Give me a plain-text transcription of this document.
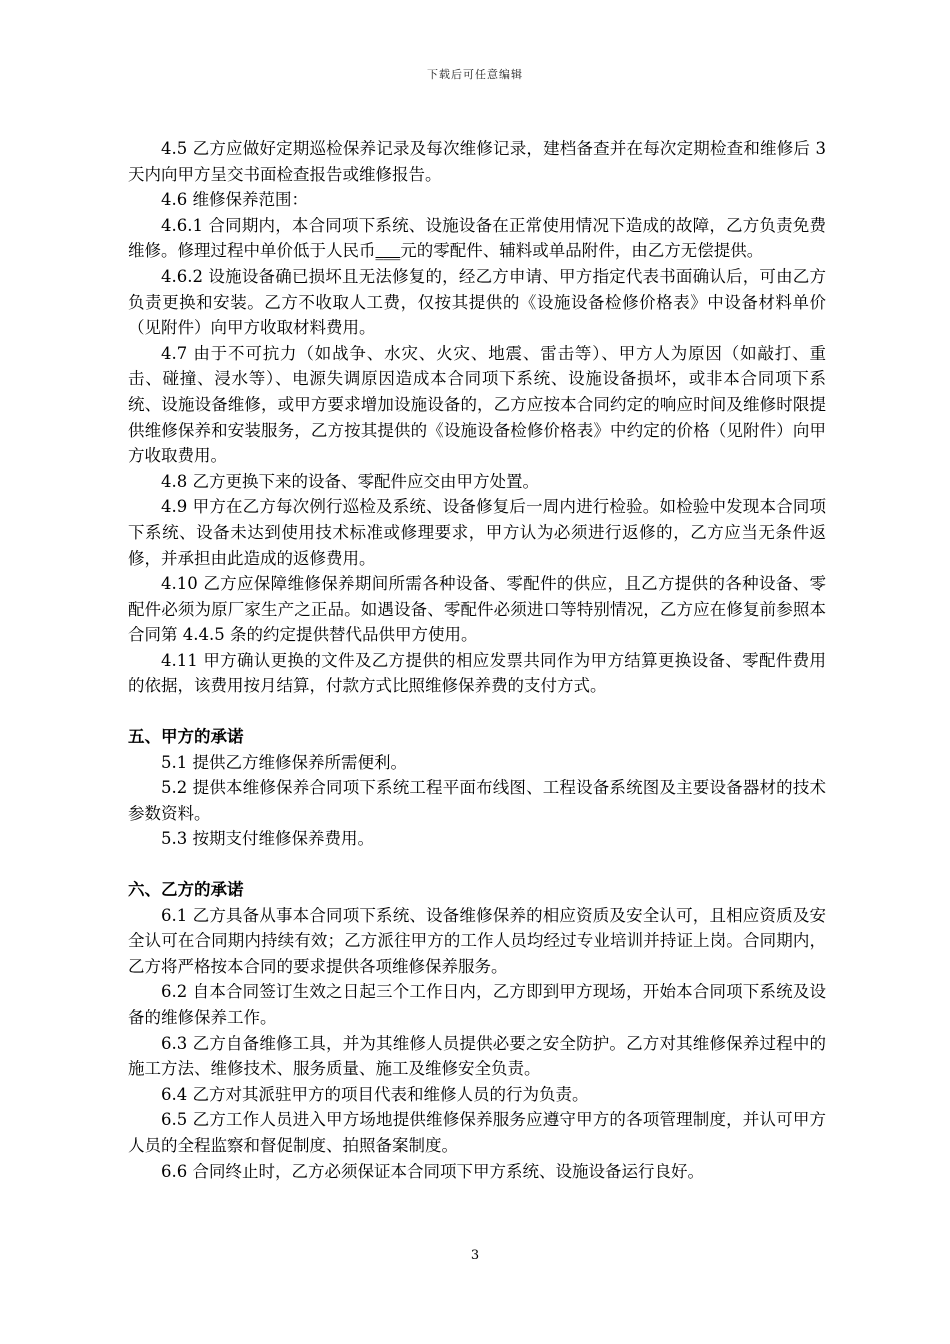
下载后可任意编辑

4.5 乙方应做好定期巡检保养记录及每次维修记录，建档备查并在每次定期检查和维修后 3 天内向甲方呈交书面检查报告或维修报告。

4.6 维修保养范围：

4.6.1 合同期内，本合同项下系统、设施设备在正常使用情况下造成的故障，乙方负责免费维修。修理过程中单价低于人民币___元的零配件、辅料或单品附件，由乙方无偿提供。

4.6.2 设施设备确已损坏且无法修复的，经乙方申请、甲方指定代表书面确认后，可由乙方负责更换和安装。乙方不收取人工费，仅按其提供的《设施设备检修价格表》中设备材料单价（见附件）向甲方收取材料费用。

4.7 由于不可抗力（如战争、水灾、火灾、地震、雷击等）、甲方人为原因（如敲打、重击、碰撞、浸水等）、电源失调原因造成本合同项下系统、设施设备损坏，或非本合同项下系统、设施设备维修，或甲方要求增加设施设备的，乙方应按本合同约定的响应时间及维修时限提供维修保养和安装服务，乙方按其提供的《设施设备检修价格表》中约定的价格（见附件）向甲方收取费用。

4.8 乙方更换下来的设备、零配件应交由甲方处置。

4.9 甲方在乙方每次例行巡检及系统、设备修复后一周内进行检验。如检验中发现本合同项下系统、设备未达到使用技术标准或修理要求，甲方认为必须进行返修的，乙方应当无条件返修，并承担由此造成的返修费用。

4.10 乙方应保障维修保养期间所需各种设备、零配件的供应，且乙方提供的各种设备、零配件必须为原厂家生产之正品。如遇设备、零配件必须进口等特别情况，乙方应在修复前参照本合同第 4.4.5 条的约定提供替代品供甲方使用。

4.11 甲方确认更换的文件及乙方提供的相应发票共同作为甲方结算更换设备、零配件费用的依据，该费用按月结算，付款方式比照维修保养费的支付方式。

五、甲方的承诺

5.1 提供乙方维修保养所需便利。

5.2 提供本维修保养合同项下系统工程平面布线图、工程设备系统图及主要设备器材的技术参数资料。

5.3 按期支付维修保养费用。

六、乙方的承诺

6.1 乙方具备从事本合同项下系统、设备维修保养的相应资质及安全认可，且相应资质及安全认可在合同期内持续有效；乙方派往甲方的工作人员均经过专业培训并持证上岗。合同期内，乙方将严格按本合同的要求提供各项维修保养服务。

6.2 自本合同签订生效之日起三个工作日内，乙方即到甲方现场，开始本合同项下系统及设备的维修保养工作。

6.3 乙方自备维修工具，并为其维修人员提供必要之安全防护。乙方对其维修保养过程中的施工方法、维修技术、服务质量、施工及维修安全负责。

6.4 乙方对其派驻甲方的项目代表和维修人员的行为负责。

6.5 乙方工作人员进入甲方场地提供维修保养服务应遵守甲方的各项管理制度，并认可甲方人员的全程监察和督促制度、拍照备案制度。

6.6 合同终止时，乙方必须保证本合同项下甲方系统、设施设备运行良好。

3
